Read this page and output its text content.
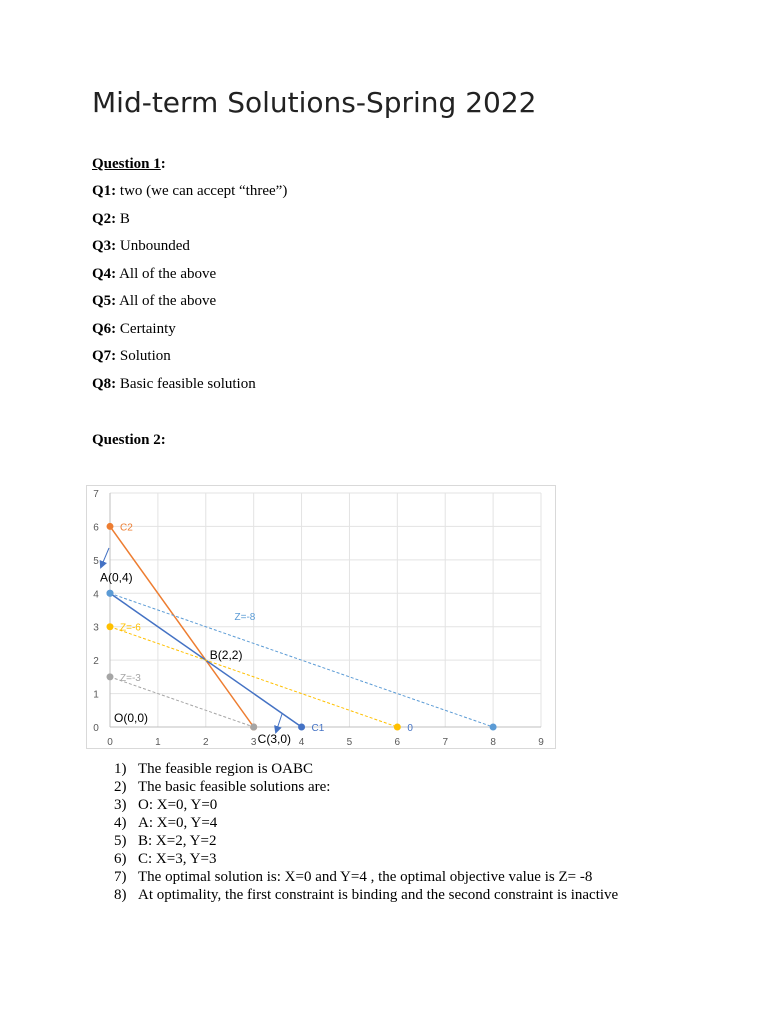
Mid-term Solutions-Spring 2022
Question 1:
Q1: two (we can accept “three”)
Q2: B
Q3: Unbounded
Q4: All of the above
Q5: All of the above
Q6: Certainty
Q7: Solution
Q8: Basic feasible solution
Question 2:
0	1	2	3	4	5	6	7	8	9
0
1
2
3
4
5
6
7
C2
C1
Z=-8
Z=-6
Z=-3
0
A(0,4)
B(2,2)
O(0,0)
C(3,0)
1) The feasible region is OABC
2) The basic feasible solutions are:
3) O: X=0, Y=0
4) A: X=0, Y=4
5) B: X=2, Y=2
6) C: X=3, Y=3
7) The optimal solution is: X=0 and Y=4 , the optimal objective value is Z= -8
8) At optimality, the first constraint is binding and the second constraint is inactive
